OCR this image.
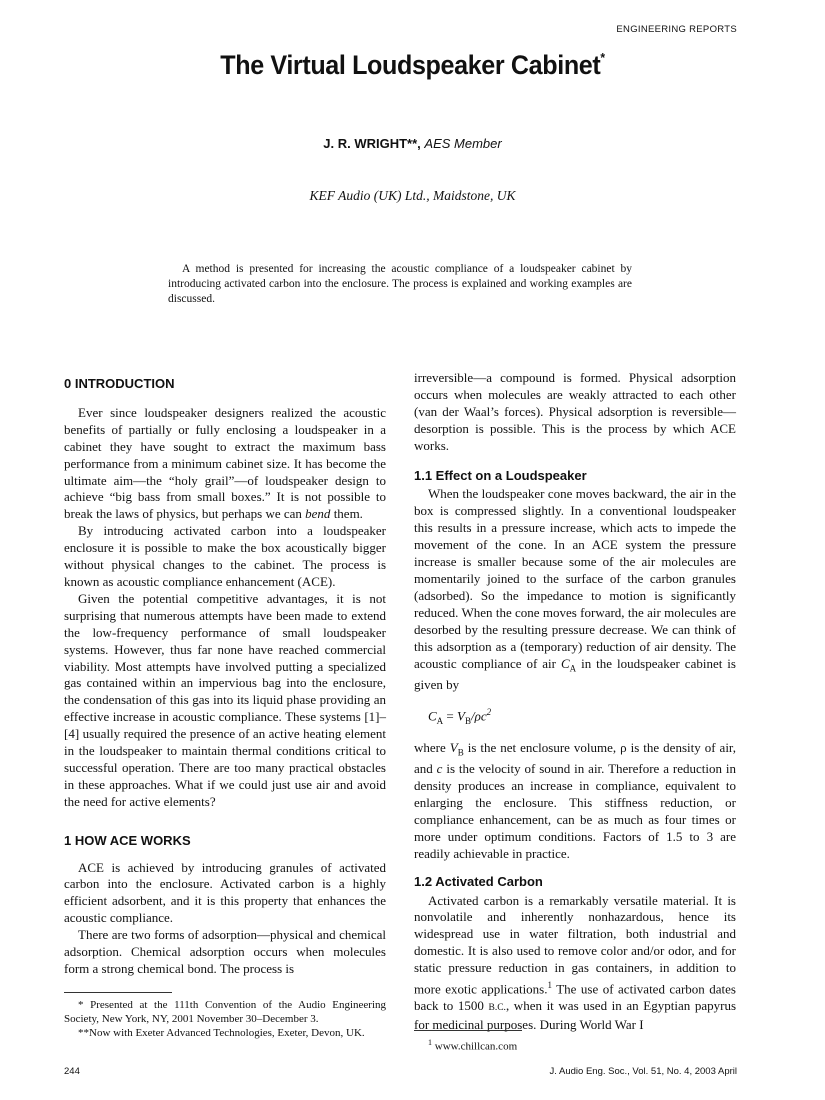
ENGINEERING REPORTS
The Virtual Loudspeaker Cabinet*
J. R. WRIGHT**, AES Member
KEF Audio (UK) Ltd., Maidstone, UK
A method is presented for increasing the acoustic compliance of a loudspeaker cabinet by introducing activated carbon into the enclosure. The process is explained and working examples are discussed.
0 INTRODUCTION

Ever since loudspeaker designers realized the acoustic benefits of partially or fully enclosing a loudspeaker in a cabinet they have sought to extract the maximum bass performance from a minimum cabinet size. It has become the ultimate aim—the “holy grail”—of loudspeaker design to achieve “big bass from small boxes.” It is not possible to break the laws of physics, but perhaps we can bend them.

By introducing activated carbon into a loudspeaker enclosure it is possible to make the box acoustically bigger without physical changes to the cabinet. The process is known as acoustic compliance enhancement (ACE).

Given the potential competitive advantages, it is not surprising that numerous attempts have been made to extend the low-frequency performance of small loudspeaker systems. However, thus far none have reached commercial viability. Most attempts have involved putting a specialized gas contained within an impervious bag into the enclosure, the condensation of this gas into its liquid phase providing an effective increase in acoustic compliance. These systems [1]–[4] usually required the presence of an active heating element in the loudspeaker to maintain thermal conditions critical to successful operation. There are too many practical obstacles in these approaches. What if we could just use air and avoid the need for active elements?

1 HOW ACE WORKS

ACE is achieved by introducing granules of activated carbon into the enclosure. Activated carbon is a highly efficient adsorbent, and it is this property that enhances the acoustic compliance.

There are two forms of adsorption—physical and chemical adsorption. Chemical adsorption occurs when molecules form a strong chemical bond. The process is

irreversible—a compound is formed. Physical adsorption occurs when molecules are weakly attracted to each other (van der Waal’s forces). Physical adsorption is reversible—desorption is possible. This is the process by which ACE works.

1.1 Effect on a Loudspeaker

When the loudspeaker cone moves backward, the air in the box is compressed slightly. In a conventional loudspeaker this results in a pressure increase, which acts to impede the movement of the cone. In an ACE system the pressure increase is smaller because some of the air molecules are momentarily joined to the surface of the carbon granules (adsorbed). So the impedance to motion is significantly reduced. When the cone moves forward, the air molecules are desorbed by the resulting pressure decrease. We can think of this adsorption as a (temporary) reduction of air density. The acoustic compliance of air $C_A$ in the loudspeaker cabinet is given by

$C_A = V_B/\rho c^2$

where $V_B$ is the net enclosure volume, ρ is the density of air, and c is the velocity of sound in air. Therefore a reduction in density produces an increase in compliance, equivalent to enlarging the enclosure. This stiffness reduction, or compliance enhancement, can be as much as four times or more under optimum conditions. Factors of 1.5 to 3 are readily achievable in practice.

1.2 Activated Carbon

Activated carbon is a remarkably versatile material. It is nonvolatile and inherently nonhazardous, hence its widespread use in water filtration, both industrial and domestic. It is also used to remove color and/or odor, and for static pressure reduction in gas containers, in addition to more exotic applications.$^1$ The use of activated carbon dates back to 1500 B.C., when it was used in an Egyptian papyrus for medicinal purposes. During World War I

* Presented at the 111th Convention of the Audio Engineering Society, New York, NY, 2001 November 30–December 3.

**Now with Exeter Advanced Technologies, Exeter, Devon, UK.

$^1$ www.chillcan.com
244	J. Audio Eng. Soc., Vol. 51, No. 4, 2003 April
